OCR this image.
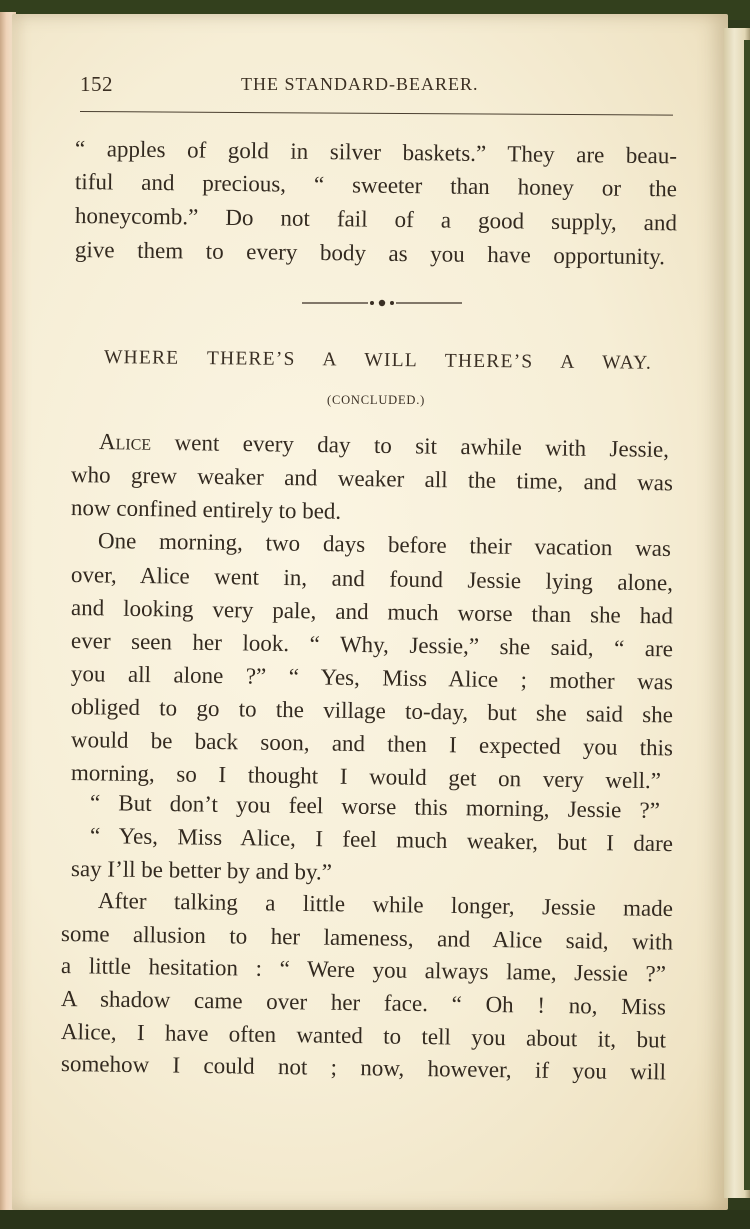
152	THE STANDARD-BEARER.
“ apples of gold in silver baskets.” They are beau-
tiful and precious, “ sweeter than honey or the
honeycomb.” Do not fail of a good supply, and
give them to every body as you have opportunity.
WHERE THERE’S A WILL THERE’S A WAY.
(CONCLUDED.)
Alice went every day to sit awhile with Jessie,
who grew weaker and weaker all the time, and was
now confined entirely to bed.
One morning, two days before their vacation was
over, Alice went in, and found Jessie lying alone,
and looking very pale, and much worse than she had
ever seen her look. “ Why, Jessie,” she said, “ are
you all alone ?” “ Yes, Miss Alice ; mother was
obliged to go to the village to-day, but she said she
would be back soon, and then I expected you this
morning, so I thought I would get on very well.”
“ But don’t you feel worse this morning, Jessie ?”
“ Yes, Miss Alice, I feel much weaker, but I dare
say I’ll be better by and by.”
After talking a little while longer, Jessie made
some allusion to her lameness, and Alice said, with
a little hesitation : “ Were you always lame, Jessie ?”
A shadow came over her face. “ Oh ! no, Miss
Alice, I have often wanted to tell you about it, but
somehow I could not ; now, however, if you will
